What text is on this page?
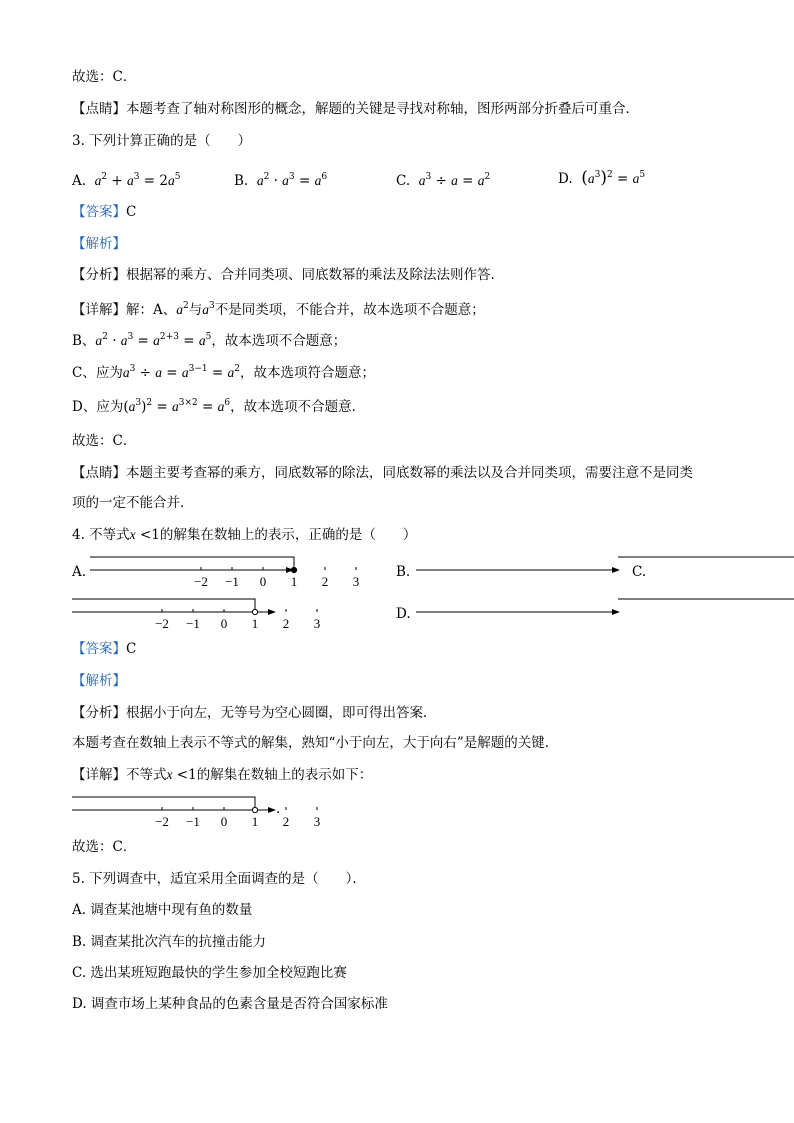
故选：C．
【点睛】本题考查了轴对称图形的概念，解题的关键是寻找对称轴，图形两部分折叠后可重合．
3. 下列计算正确的是（　　）
A. $a^2 + a^3 = 2a^5$	B. $a^2 \cdot a^3 = a^6$	C. $a^3 \div a = a^2$	D. $(a^3)^2 = a^5$
【答案】C
【解析】
【分析】根据幂的乘方、合并同类项、同底数幂的乘法及除法法则作答．
【详解】解：A、$a^2$与$a^3$不是同类项，不能合并，故本选项不合题意；
B、$a^2 \cdot a^3 = a^{2+3} = a^5$，故本选项不合题意；
C、应为$a^3 \div a = a^{3-1} = a^2$，故本选项符合题意；
D、应为$(a^3)^2 = a^{3\times 2} = a^6$，故本选项不合题意．
故选：C．
【点睛】本题主要考查幂的乘方，同底数幂的除法，同底数幂的乘法以及合并同类项，需要注意不是同类
项的一定不能合并．
4. 不等式x <1的解集在数轴上的表示，正确的是（　　）
A.
−2 −1 0 1 2 3
B.	C.
−2 −1 0 1 2 3
D.
【答案】C
【解析】
【分析】根据小于向左，无等号为空心圆圈，即可得出答案．
本题考查在数轴上表示不等式的解集，熟知“小于向左，大于向右”是解题的关键．
【详解】不等式x <1的解集在数轴上的表示如下：
−2 −1 0 1 2 3
.
故选：C．
5. 下列调查中，适宜采用全面调查的是（　　）．
A. 调查某池塘中现有鱼的数量
B. 调查某批次汽车的抗撞击能力
C. 选出某班短跑最快的学生参加全校短跑比赛
D. 调查市场上某种食品的色素含量是否符合国家标准
